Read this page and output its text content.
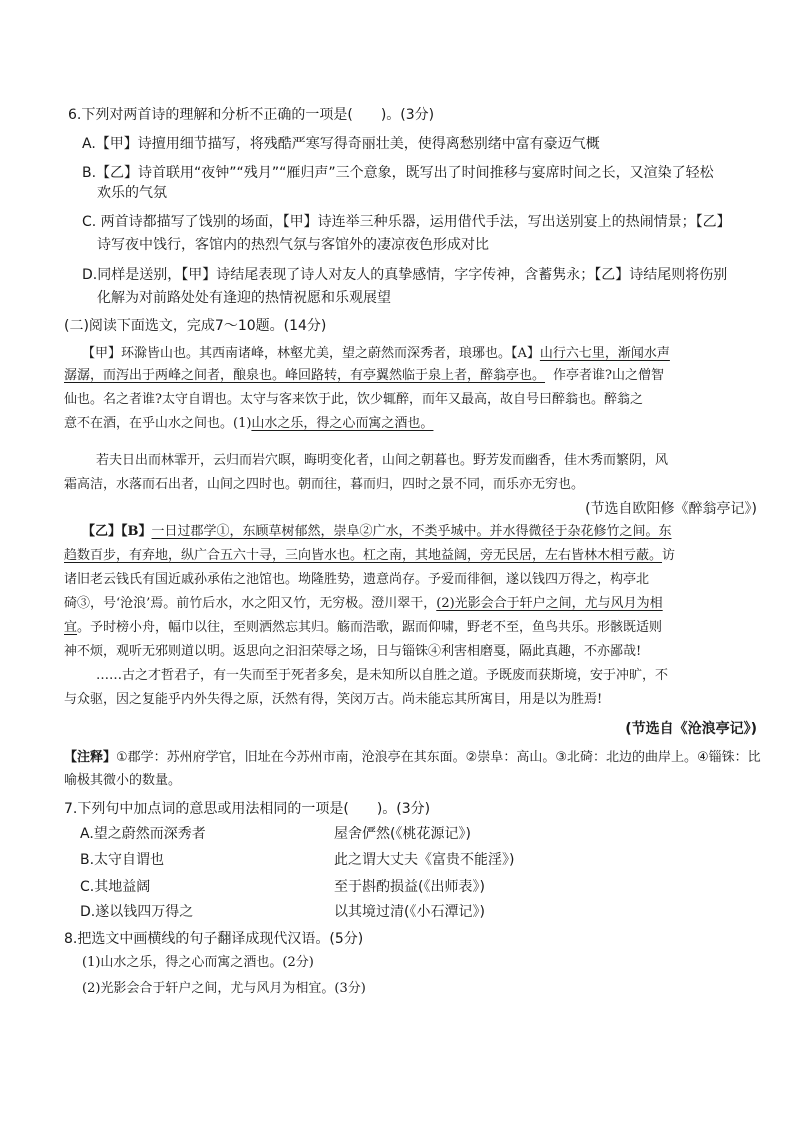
6.下列对两首诗的理解和分析不正确的一项是(　　)。(3分)
A.【甲】诗擅用细节描写，将残酷严寒写得奇丽壮美，使得离愁别绪中富有豪迈气概
B.【乙】诗首联用“夜钟”“残月”“雁归声”三个意象，既写出了时间推移与宴席时间之长，又渲染了轻松
欢乐的气氛
C. 两首诗都描写了饯别的场面，【甲】诗连举三种乐器，运用借代手法，写出送别宴上的热闹情景；【乙】
诗写夜中饯行，客馆内的热烈气氛与客馆外的凄凉夜色形成对比
D.同样是送别，【甲】诗结尾表现了诗人对友人的真挚感情，字字传神，含蓄隽永；【乙】诗结尾则将伤别
化解为对前路处处有逢迎的热情祝愿和乐观展望
(二)阅读下面选文，完成7～10题。(14分)
【甲】环滁皆山也。其西南诸峰，林壑尤美，望之蔚然而深秀者，琅琊也。【A】山行六七里，渐闻水声
潺潺，而泻出于两峰之间者，酿泉也。峰回路转，有亭翼然临于泉上者，醉翁亭也。 作亭者谁?山之僧智
仙也。名之者谁?太守自谓也。太守与客来饮于此，饮少辄醉，而年又最高，故自号曰醉翁也。醉翁之
意不在酒，在乎山水之间也。(1)山水之乐，得之心而寓之酒也。
若夫日出而林霏开，云归而岩穴暝，晦明变化者，山间之朝暮也。野芳发而幽香，佳木秀而繁阴，风
霜高洁，水落而石出者，山间之四时也。朝而往，暮而归，四时之景不同，而乐亦无穷也。
(节选自欧阳修《醉翁亭记》)
【乙】【B】一日过郡学①，东顾草树郁然，崇阜②广水，不类乎城中。并水得微径于杂花修竹之间。东
趋数百步，有弃地，纵广合五六十寻，三向皆水也。杠之南，其地益阔，旁无民居，左右皆林木相亏蔽。访
诸旧老云钱氏有国近戚孙承佑之池馆也。坳隆胜势，遗意尚存。予爱而徘徊，遂以钱四万得之，构亭北
碕③，号‘沧浪’焉。前竹后水，水之阳又竹，无穷极。澄川翠干，(2)光影会合于轩户之间，尤与风月为相
宜。予时榜小舟，幅巾以往，至则洒然忘其归。觞而浩歌，踞而仰啸，野老不至，鱼鸟共乐。形骸既适则
神不烦，观听无邪则道以明。返思向之汩汩荣辱之场，日与锱铢④利害相磨戛，隔此真趣，不亦鄙哉!
……古之才哲君子，有一失而至于死者多矣，是未知所以自胜之道。予既废而获斯境，安于冲旷，不
与众驱，因之复能乎内外失得之原，沃然有得，笑闵万古。尚未能忘其所寓目，用是以为胜焉!
(节选自《沧浪亭记》)
【注释】①郡学：苏州府学官，旧址在今苏州市南，沧浪亭在其东面。②崇阜：高山。③北碕：北边的曲岸上。④锱铢：比
喻极其微小的数量。
7.下列句中加点词的意思或用法相同的一项是(　　)。(3分)
A.望之蔚然而深秀者	屋舍俨然(《桃花源记》)
B.太守自谓也	此之谓大丈夫《富贵不能淫》)
C.其地益阔	至于斟酌损益(《出师表》)
D.遂以钱四万得之	以其境过清(《小石潭记》)
8.把选文中画横线的句子翻译成现代汉语。(5分)
(1)山水之乐，得之心而寓之酒也。(2分)
(2)光影会合于轩户之间，尤与风月为相宜。(3分)
